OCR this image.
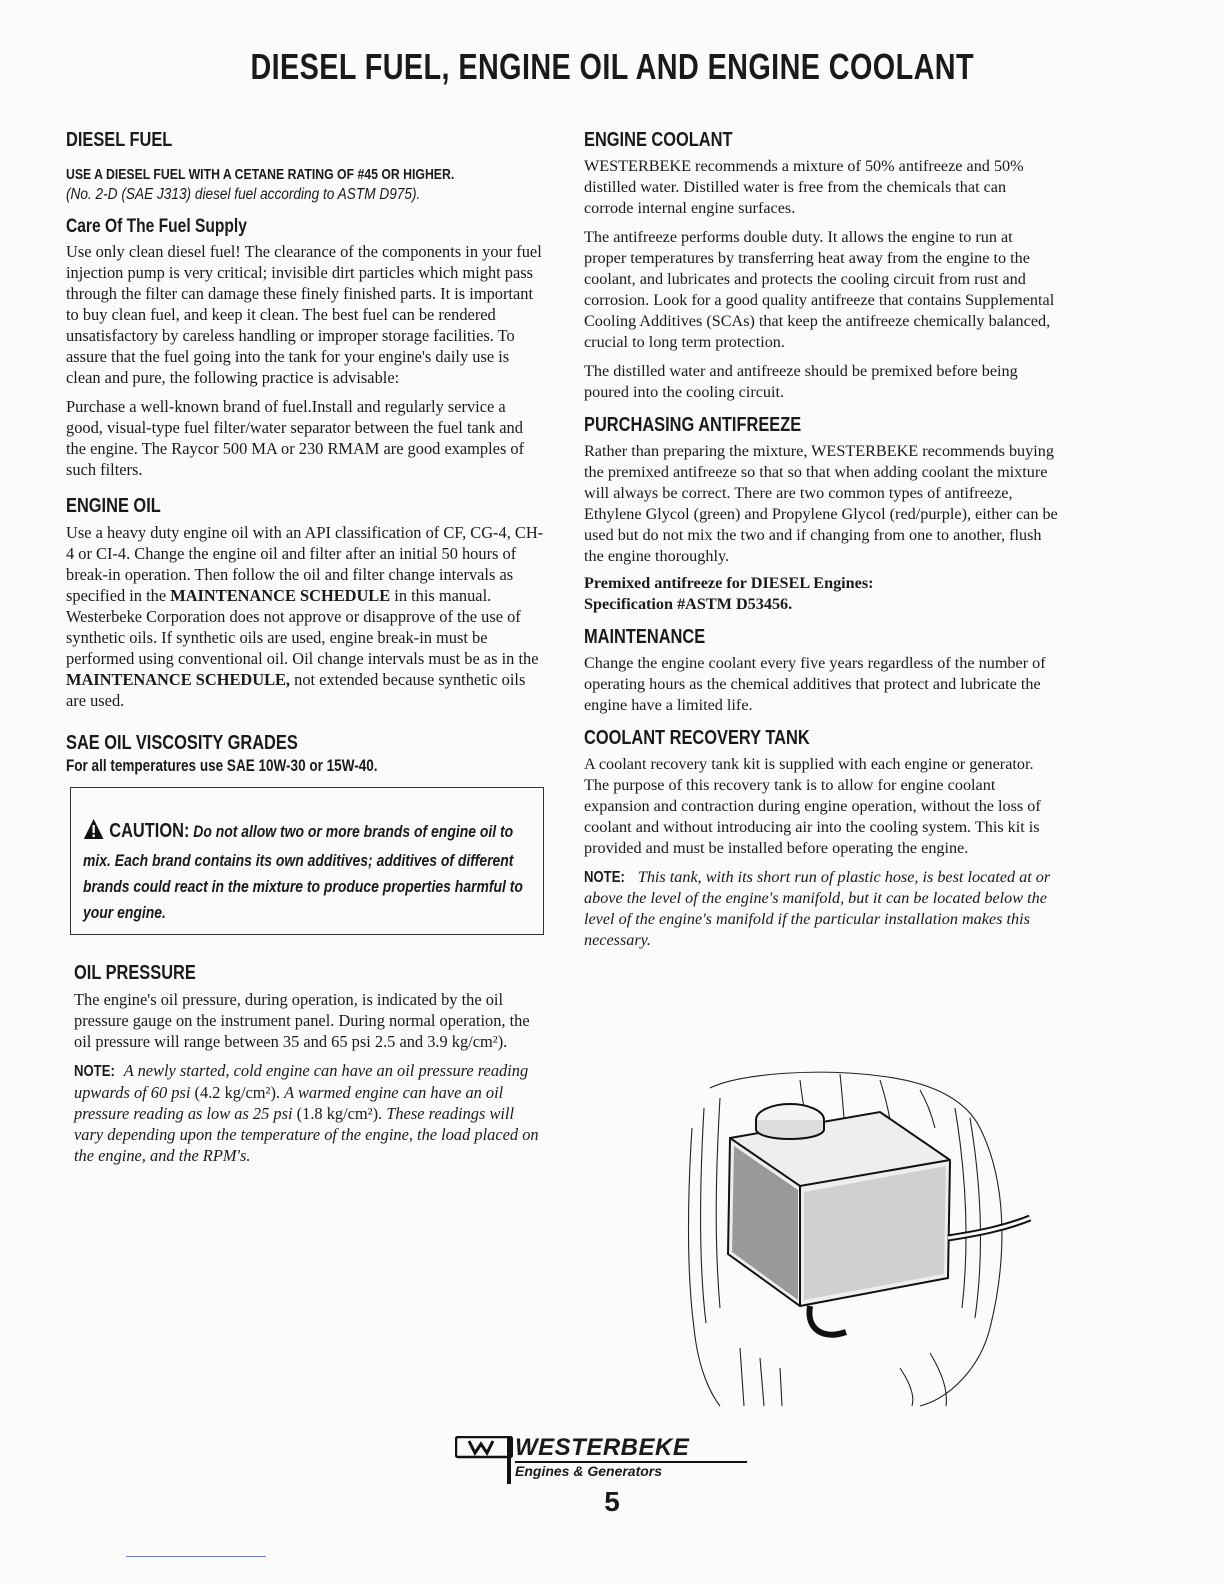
DIESEL FUEL, ENGINE OIL AND ENGINE COOLANT
DIESEL FUEL
USE A DIESEL FUEL WITH A CETANE RATING OF #45 OR HIGHER.
(No. 2-D (SAE J313) diesel fuel according to ASTM D975).
Care Of The Fuel Supply

Use only clean diesel fuel! The clearance of the components in your fuel injection pump is very critical; invisible dirt particles which might pass through the filter can damage these finely finished parts. It is important to buy clean fuel, and keep it clean. The best fuel can be rendered unsatisfactory by careless handling or improper storage facilities. To assure that the fuel going into the tank for your engine's daily use is clean and pure, the following practice is advisable:

Purchase a well-known brand of fuel.Install and regularly service a good, visual-type fuel filter/water separator between the fuel tank and the engine. The Raycor 500 MA or 230 RMAM are good examples of such filters.

ENGINE OIL

Use a heavy duty engine oil with an API classification of CF, CG-4, CH-4 or CI-4. Change the engine oil and filter after an initial 50 hours of break-in operation. Then follow the oil and filter change intervals as specified in the MAINTENANCE SCHEDULE in this manual. Westerbeke Corporation does not approve or disapprove of the use of synthetic oils. If synthetic oils are used, engine break-in must be performed using conventional oil. Oil change intervals must be as in the MAINTENANCE SCHEDULE, not extended because synthetic oils are used.

SAE OIL VISCOSITY GRADES
For all temperatures use SAE 10W-30 or 15W-40.
CAUTION: Do not allow two or more brands of engine oil to mix. Each brand contains its own additives; additives of different brands could react in the mixture to produce properties harmful to your engine.
OIL PRESSURE

The engine's oil pressure, during operation, is indicated by the oil pressure gauge on the instrument panel. During normal operation, the oil pressure will range between 35 and 65 psi 2.5 and 3.9 kg/cm²).

NOTE: A newly started, cold engine can have an oil pressure reading upwards of 60 psi (4.2 kg/cm²). A warmed engine can have an oil pressure reading as low as 25 psi (1.8 kg/cm²). These readings will vary depending upon the temperature of the engine, the load placed on the engine, and the RPM's.

ENGINE COOLANT

WESTERBEKE recommends a mixture of 50% antifreeze and 50% distilled water. Distilled water is free from the chemicals that can corrode internal engine surfaces.

The antifreeze performs double duty. It allows the engine to run at proper temperatures by transferring heat away from the engine to the coolant, and lubricates and protects the cooling circuit from rust and corrosion. Look for a good quality antifreeze that contains Supplemental Cooling Additives (SCAs) that keep the antifreeze chemically balanced, crucial to long term protection.

The distilled water and antifreeze should be premixed before being poured into the cooling circuit.

PURCHASING ANTIFREEZE

Rather than preparing the mixture, WESTERBEKE recommends buying the premixed antifreeze so that so that when adding coolant the mixture will always be correct. There are two common types of antifreeze, Ethylene Glycol (green) and Propylene Glycol (red/purple), either can be used but do not mix the two and if changing from one to another, flush the engine thoroughly.

Premixed antifreeze for DIESEL Engines:

Specification #ASTM D53456.

MAINTENANCE

Change the engine coolant every five years regardless of the number of operating hours as the chemical additives that protect and lubricate the engine have a limited life.

COOLANT RECOVERY TANK

A coolant recovery tank kit is supplied with each engine or generator. The purpose of this recovery tank is to allow for engine coolant expansion and contraction during engine operation, without the loss of coolant and without introducing air into the cooling system. This kit is provided and must be installed before operating the engine.

NOTE: This tank, with its short run of plastic hose, is best located at or above the level of the engine's manifold, but it can be located below the level of the engine's manifold if the particular installation makes this necessary.

WESTERBEKE
Engines & Generators
5
